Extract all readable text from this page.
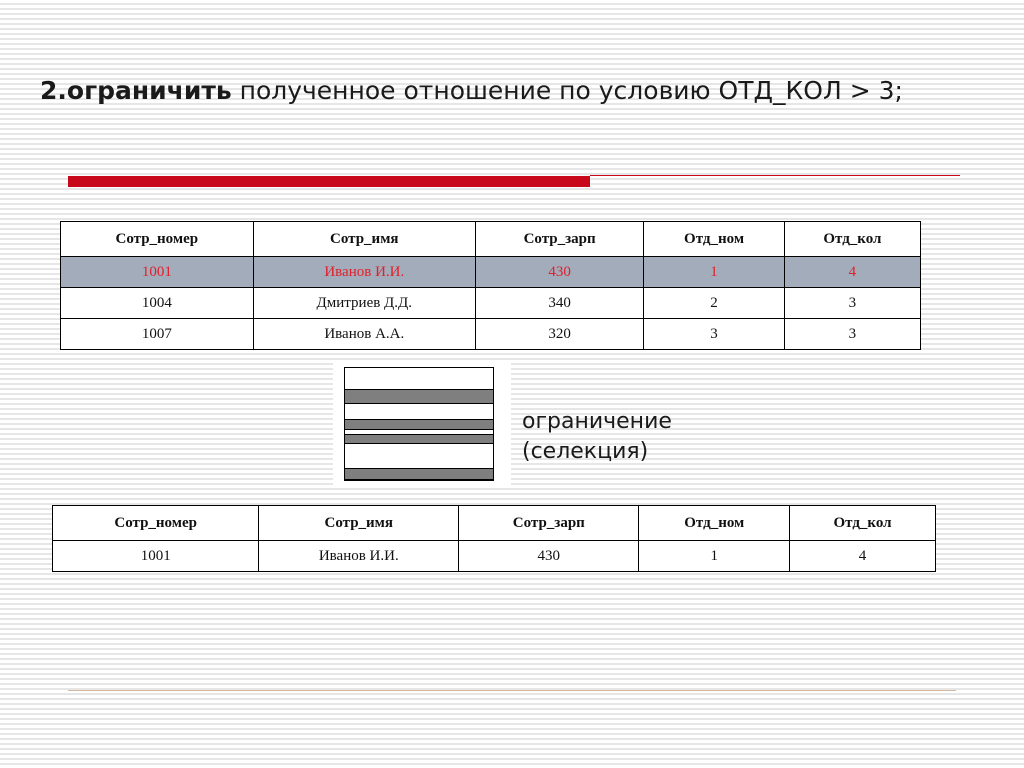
2.ограничить полученное отношение по условию ОТД_КОЛ > 3;
Сотр_номер	Сотр_имя	Сотр_зарп	Отд_ном	Отд_кол
1001	Иванов И.И.	430	1	4
1004	Дмитриев Д.Д.	340	2	3
1007	Иванов А.А.	320	3	3
ограничение
(селекция)
Сотр_номер	Сотр_имя	Сотр_зарп	Отд_ном	Отд_кол
1001	Иванов И.И.	430	1	4
